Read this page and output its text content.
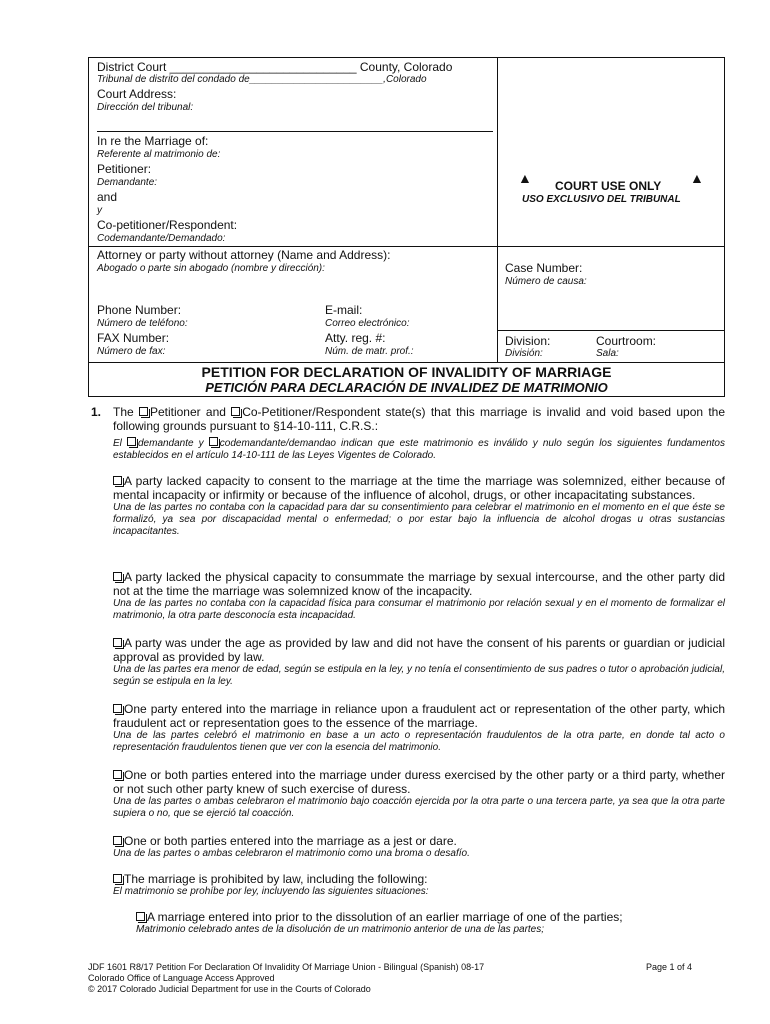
District Court ____________________________ County, Colorado
Tribunal de distrito del condado de________________________,Colorado
Court Address:
Dirección del tribunal:
In re the Marriage of:
Referente al matrimonio de:
Petitioner:
Demandante:
and
y
Co-petitioner/Respondent:
Codemandante/Demandado:
Attorney or party without attorney (Name and Address):
Abogado o parte sin abogado (nombre y dirección):
Phone Number:
Número de teléfono:
FAX Number:
Número de fax:
E-mail:
Correo electrónico:
Atty. reg. #:
Núm. de matr. prof.:
▲	▲
COURT USE ONLY
USO EXCLUSIVO DEL TRIBUNAL
Case Number:
Número de causa:
Division:
División:
Courtroom:
Sala:
PETITION FOR DECLARATION OF INVALIDITY OF MARRIAGE
PETICIÓN PARA DECLARACIÓN DE INVALIDEZ DE MATRIMONIO
1. The Petitioner and Co-Petitioner/Respondent state(s) that this marriage is invalid and void based upon the following grounds pursuant to §14-10-111, C.R.S.:
El demandante y codemandante/demandao indican que este matrimonio es inválido y nulo según los siguientes fundamentos establecidos en el artículo 14-10-111 de las Leyes Vigentes de Colorado.
A party lacked capacity to consent to the marriage at the time the marriage was solemnized, either because of mental incapacity or infirmity or because of the influence of alcohol, drugs, or other incapacitating substances.
Una de las partes no contaba con la capacidad para dar su consentimiento para celebrar el matrimonio en el momento en el que éste se formalizó, ya sea por discapacidad mental o enfermedad; o por estar bajo la influencia de alcohol drogas u otras sustancias incapacitantes.
A party lacked the physical capacity to consummate the marriage by sexual intercourse, and the other party did not at the time the marriage was solemnized know of the incapacity.
Una de las partes no contaba con la capacidad física para consumar el matrimonio por relación sexual y en el momento de formalizar el matrimonio, la otra parte desconocía esta incapacidad.
A party was under the age as provided by law and did not have the consent of his parents or guardian or judicial approval as provided by law.
Una de las partes era menor de edad, según se estipula en la ley, y no tenía el consentimiento de sus padres o tutor o aprobación judicial, según se estipula en la ley.
One party entered into the marriage in reliance upon a fraudulent act or representation of the other party, which fraudulent act or representation goes to the essence of the marriage.
Una de las partes celebró el matrimonio en base a un acto o representación fraudulentos de la otra parte, en donde tal acto o representación fraudulentos tienen que ver con la esencia del matrimonio.
One or both parties entered into the marriage under duress exercised by the other party or a third party, whether or not such other party knew of such exercise of duress.
Una de las partes o ambas celebraron el matrimonio bajo coacción ejercida por la otra parte o una tercera parte, ya sea que la otra parte supiera o no, que se ejerció tal coacción.
One or both parties entered into the marriage as a jest or dare.
Una de las partes o ambas celebraron el matrimonio como una broma o desafío.
The marriage is prohibited by law, including the following:
El matrimonio se prohíbe por ley, incluyendo las siguientes situaciones:
A marriage entered into prior to the dissolution of an earlier marriage of one of the parties;
Matrimonio celebrado antes de la disolución de un matrimonio anterior de una de las partes;
JDF 1601 R8/17 Petition For Declaration Of Invalidity Of Marriage Union - Bilingual (Spanish) 08-17
Colorado Office of Language Access Approved
© 2017 Colorado Judicial Department for use in the Courts of Colorado
Page 1 of 4
